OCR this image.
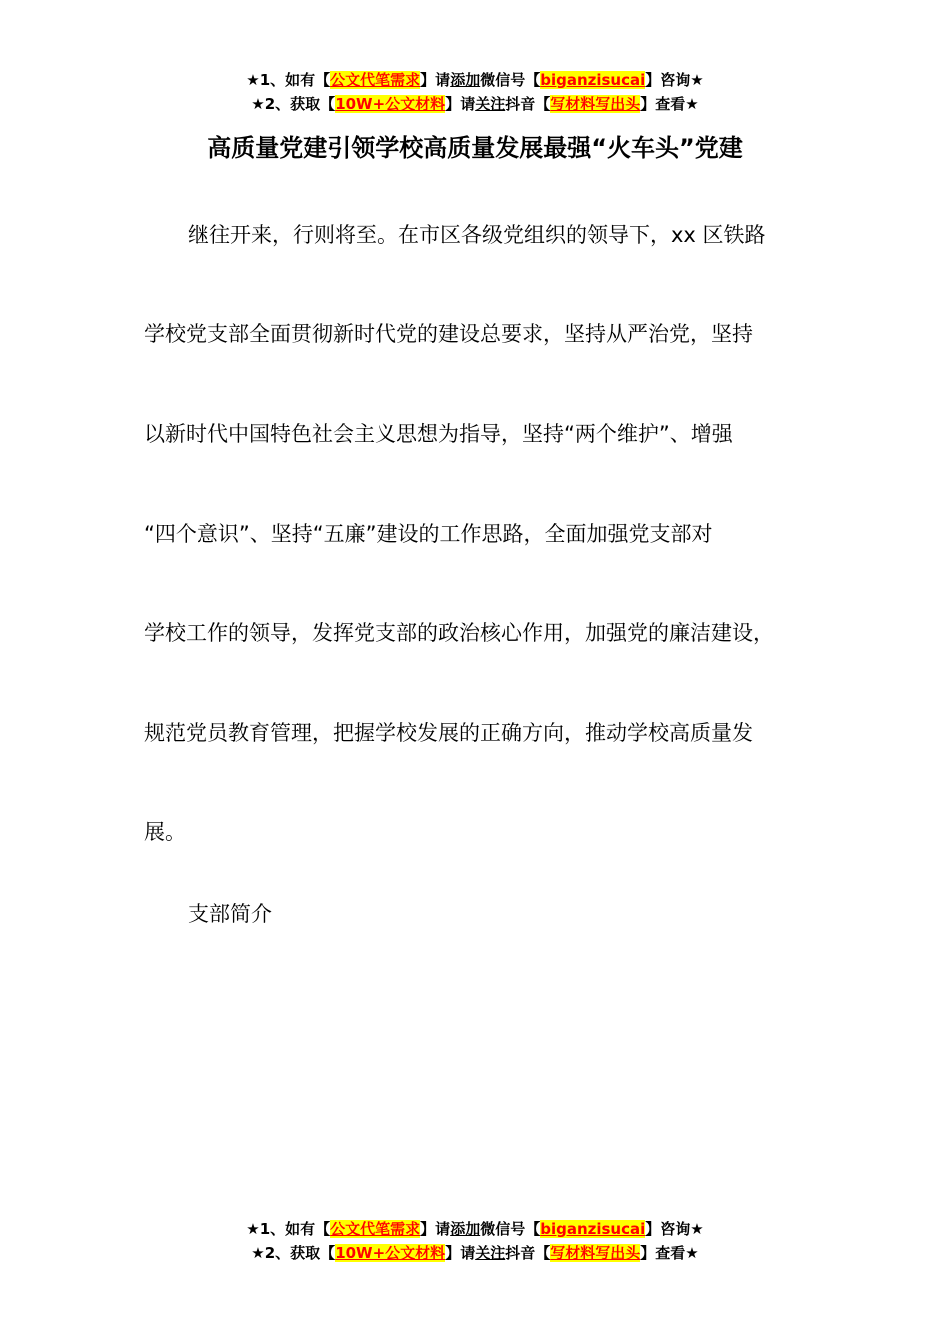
★1、如有【公文代笔需求】请添加微信号【biganzisucai】咨询★
★2、获取【10W+公文材料】请关注抖音【写材料写出头】查看★
高质量党建引领学校高质量发展最强“火车头”党建
继往开来，行则将至。在市区各级党组织的领导下，xx 区铁路
学校党支部全面贯彻新时代党的建设总要求，坚持从严治党，坚持
以新时代中国特色社会主义思想为指导，坚持“两个维护”、增强
“四个意识”、坚持“五廉”建设的工作思路，全面加强党支部对
学校工作的领导，发挥党支部的政治核心作用，加强党的廉洁建设，
规范党员教育管理，把握学校发展的正确方向，推动学校高质量发
展。
支部简介
★1、如有【公文代笔需求】请添加微信号【biganzisucai】咨询★
★2、获取【10W+公文材料】请关注抖音【写材料写出头】查看★
